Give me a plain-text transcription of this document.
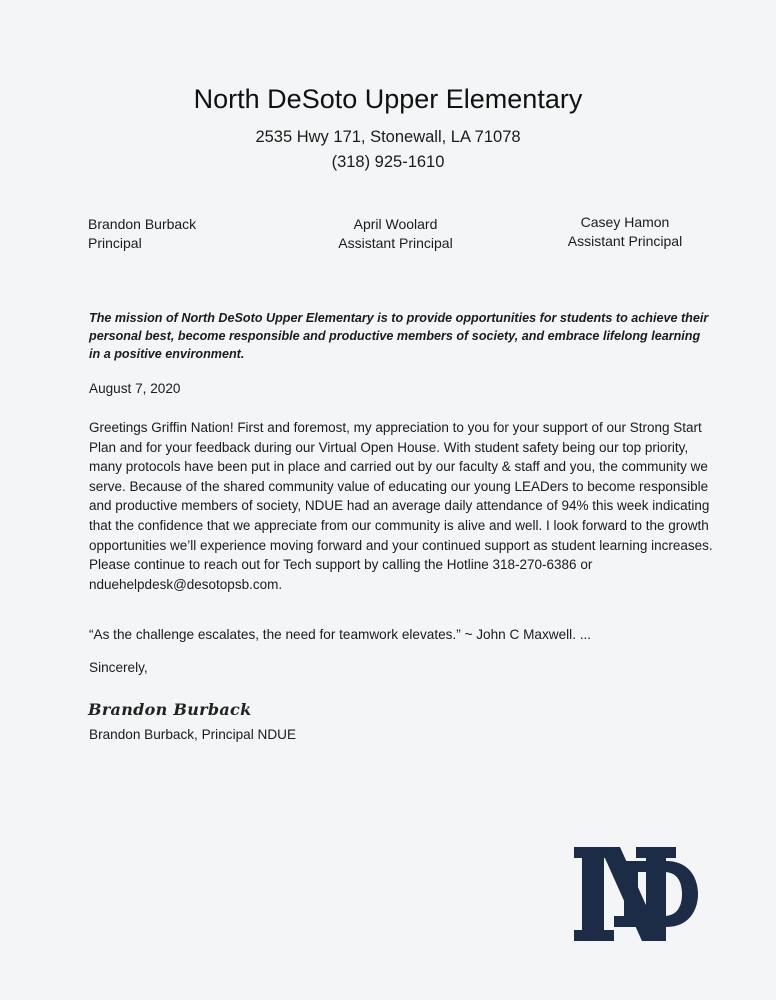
North DeSoto Upper Elementary
2535 Hwy 171, Stonewall, LA 71078
(318) 925-1610
Brandon Burback
Principal
April Woolard
Assistant Principal
Casey Hamon
Assistant Principal
The mission of North DeSoto Upper Elementary is to provide opportunities for students to achieve their personal best, become responsible and productive members of society, and embrace lifelong learning in a positive environment.
August 7, 2020

Greetings Griffin Nation! First and foremost, my appreciation to you for your support of our Strong Start Plan and for your feedback during our Virtual Open House. With student safety being our top priority, many protocols have been put in place and carried out by our faculty & staff and you, the community we serve. Because of the shared community value of educating our young LEADers to become responsible and productive members of society, NDUE had an average daily attendance of 94% this week indicating that the confidence that we appreciate from our community is alive and well. I look forward to the growth opportunities we’ll experience moving forward and your continued support as student learning increases.

Please continue to reach out for Tech support by calling the Hotline 318-270-6386 or nduehelpdesk@desotopsb.com.

“As the challenge escalates, the need for teamwork elevates.” ~ John C Maxwell. ...
Sincerely,
Brandon Burback
Brandon Burback, Principal NDUE
